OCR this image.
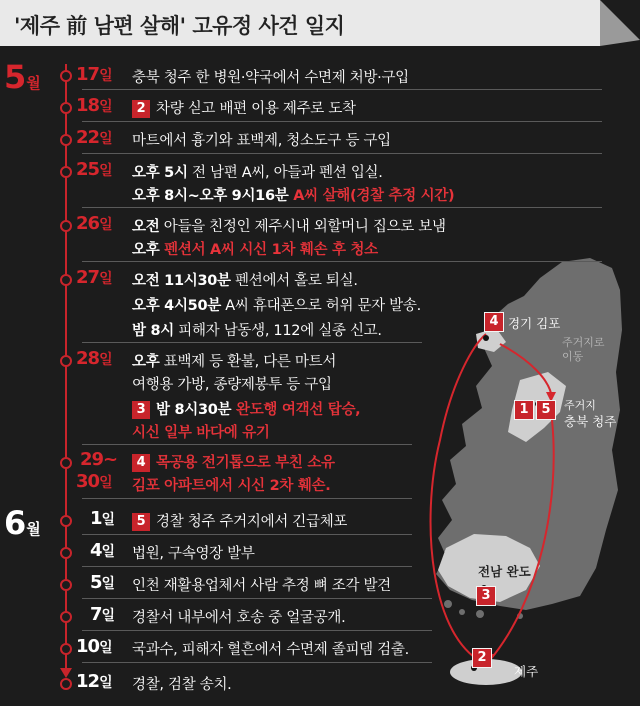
'제주 前 남편 살해' 고유정 사건 일지
5 월
6 월
17일 충북 청주 한 병원·약국에서 수면제 처방·구입
18일	2 차량 싣고 배편 이용 제주로 도착
22일 마트에서 흉기와 표백제, 청소도구 등 구입
25일 오후 5시 전 남편 A씨, 아들과 펜션 입실.
오후 8시~오후 9시16분 A씨 살해(경찰 추정 시간)
26일 오전 아들을 친정인 제주시내 외할머니 집으로 보냄
오후 펜션서 A씨 시신 1차 훼손 후 청소
27일 오전 11시30분 펜션에서 홀로 퇴실.
오후 4시50분 A씨 휴대폰으로 허위 문자 발송.
밤 8시 피해자 남동생, 112에 실종 신고.
28일 오후 표백제 등 환불, 다른 마트서
여행용 가방, 종량제봉투 등 구입
3 밤 8시30분 완도행 여객선 탑승,
시신 일부 바다에 유기
29~
30일
4 목공용 전기톱으로 부친 소유
김포 아파트에서 시신 2차 훼손.
1일	5 경찰 청주 주거지에서 긴급체포
4일 법원, 구속영장 발부
5일 인천 재활용업체서 사람 추정 뼈 조각 발견
7일 경찰서 내부에서 호송 중 얼굴공개.
10일 국과수, 피해자 혈흔에서 수면제 졸피뎀 검출.
12일 경찰, 검찰 송치.
4 경기 김포
주거지로
이동
1 5	주거지
충북 청주
전남 완도
3
2
제주
